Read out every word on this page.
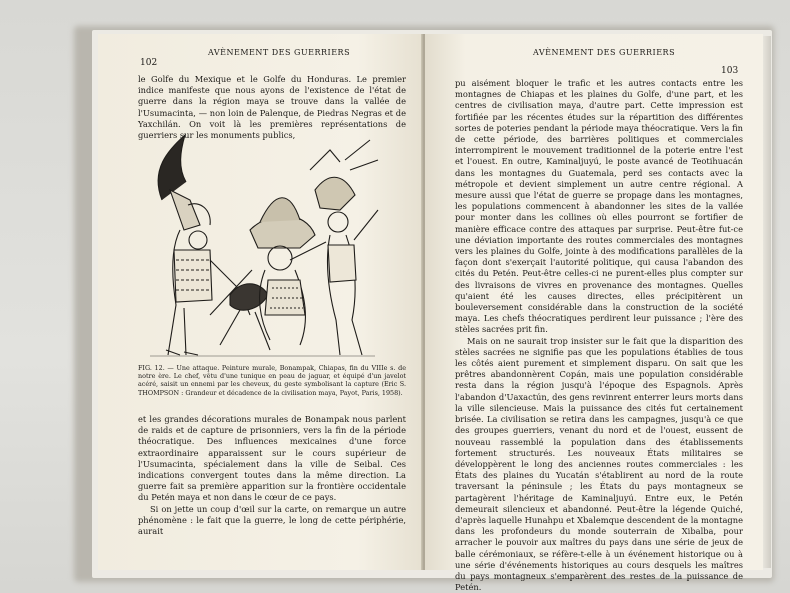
AVÈNEMENT DES GUERRIERS
102

le Golfe du Mexique et le Golfe du Honduras. Le premier indice manifeste que nous ayons de l'existence de l'état de guerre dans la région maya se trouve dans la vallée de l'Usumacinta, — non loin de Palenque, de Piedras Negras et de Yaxchilán. On voit là les premières représentations de guerriers sur les monuments publics,

FIG. 12. — Une attaque. Peinture murale, Bonampak, Chiapas, fin du VIIIe s. de notre ère. Le chef, vêtu d'une tunique en peau de jaguar, et équipé d'un javelot acéré, saisit un ennemi par les cheveux, du geste symbolisant la capture (Eric S. THOMPSON : Grandeur et décadence de la civilisation maya, Payot, Paris, 1958).

et les grandes décorations murales de Bonampak nous parlent de raids et de capture de prisonniers, vers la fin de la période théocratique. Des influences mexicaines d'une force extraordinaire apparaissent sur le cours supérieur de l'Usumacinta, spécialement dans la ville de Seibal. Ces indications convergent toutes dans la même direction. La guerre fait sa première apparition sur la frontière occidentale du Petén maya et non dans le cœur de ce pays.

Si on jette un coup d'œil sur la carte, on remarque un autre phénomène : le fait que la guerre, le long de cette périphérie, aurait

AVÈNEMENT DES GUERRIERS
103

pu aisément bloquer le trafic et les autres contacts entre les montagnes de Chiapas et les plaines du Golfe, d'une part, et les centres de civilisation maya, d'autre part. Cette impression est fortifiée par les récentes études sur la répartition des différentes sortes de poteries pendant la période maya théocratique. Vers la fin de cette période, des barrières politiques et commerciales interrompirent le mouvement traditionnel de la poterie entre l'est et l'ouest. En outre, Kaminaljuyú, le poste avancé de Teotihuacán dans les montagnes du Guatemala, perd ses contacts avec la métropole et devient simplement un autre centre régional. A mesure aussi que l'état de guerre se propage dans les montagnes, les populations commencent à abandonner les sites de la vallée pour monter dans les collines où elles pourront se fortifier de manière efficace contre des attaques par surprise. Peut-être fut-ce une déviation importante des routes commerciales des montagnes vers les plaines du Golfe, jointe à des modifications parallèles de la façon dont s'exerçait l'autorité politique, qui causa l'abandon des cités du Petén. Peut-être celles-ci ne purent-elles plus compter sur des livraisons de vivres en provenance des montagnes. Quelles qu'aient été les causes directes, elles précipitèrent un bouleversement considérable dans la construction de la société maya. Les chefs théocratiques perdirent leur puissance ; l'ère des stèles sacrées prit fin.

Mais on ne saurait trop insister sur le fait que la disparition des stèles sacrées ne signifie pas que les populations établies de tous les côtés aient purement et simplement disparu. On sait que les prêtres abandonnèrent Copán, mais une population considérable resta dans la région jusqu'à l'époque des Espagnols. Après l'abandon d'Uaxactún, des gens revinrent enterrer leurs morts dans la ville silencieuse. Mais la puissance des cités fut certainement brisée. La civilisation se retira dans les campagnes, jusqu'à ce que des groupes guerriers, venant du nord et de l'ouest, eussent de nouveau rassemblé la population dans des établissements fortement structurés. Les nouveaux États militaires se développèrent le long des anciennes routes commerciales : les États des plaines du Yucatán s'établirent au nord de la route traversant la péninsule ; les États du pays montagneux se partagèrent l'héritage de Kaminaljuyú. Entre eux, le Petén demeurait silencieux et abandonné. Peut-être la légende Quiché, d'après laquelle Hunahpu et Xbalemque descendent de la montagne dans les profondeurs du monde souterrain de Xibalba, pour arracher le pouvoir aux maîtres du pays dans une série de jeux de balle cérémoniaux, se réfère-t-elle à un événement historique ou à une série d'événements historiques au cours desquels les maîtres du pays montagneux s'emparèrent des restes de la puissance de Petén.
